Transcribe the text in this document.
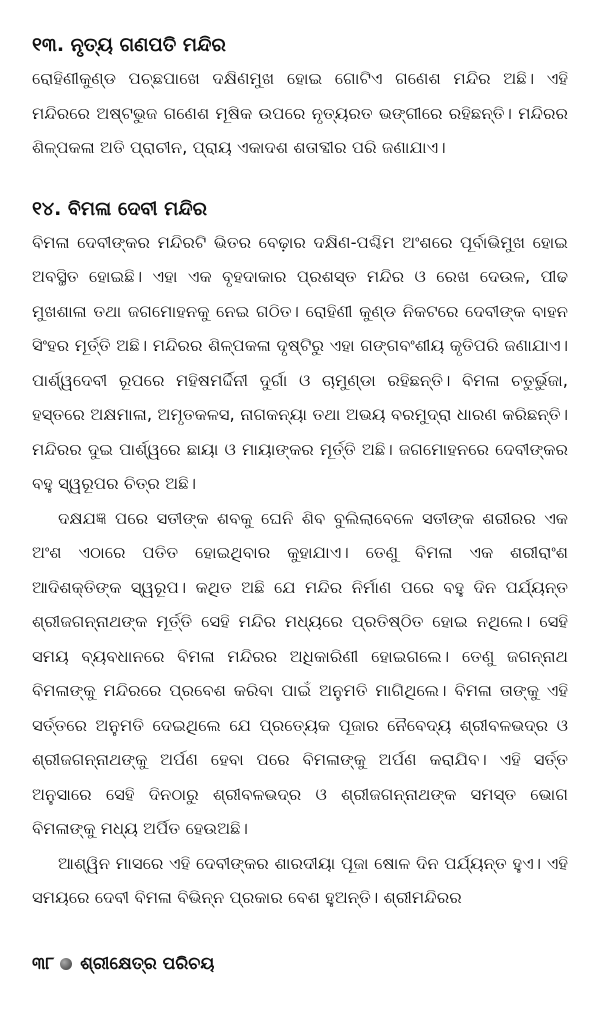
୧୩. ନୃତ୍ୟ ଗଣପତି ମନ୍ଦିର

ରୋହିଣୀକୁଣ୍ଡ ପଚ୍ଛପାଖେ ଦକ୍ଷିଣମୁଖ ହୋଇ ଗୋଟିଏ ଗଣେଶ ମନ୍ଦିର ଅଛି। ଏହି ମନ୍ଦିରରେ ଅଷ୍ଟଭୁଜ ଗଣେଶ ମୂଷିକ ଉପରେ ନୃତ୍ୟରତ ଭଙ୍ଗୀରେ ରହିଛନ୍ତି। ମନ୍ଦିରର ଶିଳ୍ପକଳା ଅତି ପ୍ରାଚୀନ, ପ୍ରାୟ ଏକାଦଶ ଶତାବ୍ଦୀର ପରି ଜଣାଯାଏ।

୧୪. ବିମଳା ଦେବୀ ମନ୍ଦିର

ବିମଳା ଦେବୀଙ୍କର ମନ୍ଦିରଟି ଭିତର ବେଢ଼ାର ଦକ୍ଷିଣ-ପଶ୍ଚିମ ଅଂଶରେ ପୂର୍ବାଭିମୁଖ ହୋଇ ଅବସ୍ଥିତ ହୋଇଛି। ଏହା ଏକ ବୃହଦାକାର ପ୍ରଶସ୍ତ ମନ୍ଦିର ଓ ରେଖ ଦେଉଳ, ପୀଢ ମୁଖଶାଳା ତଥା ଜଗମୋହନକୁ ନେଇ ଗଠିତ। ରୋହିଣୀ କୁଣ୍ଡ ନିକଟରେ ଦେବୀଙ୍କ ବାହନ ସିଂହର ମୂର୍ତ୍ତି ଅଛି। ମନ୍ଦିରର ଶିଳ୍ପକଳା ଦୃଷ୍ଟିରୁ ଏହା ଗଙ୍ଗବଂଶୀୟ କୃତିପରି ଜଣାଯାଏ। ପାର୍ଶ୍ୱଦେବୀ ରୂପରେ ମହିଷମର୍ଦ୍ଦିନୀ ଦୁର୍ଗା ଓ ଚାମୁଣ୍ଡା ରହିଛନ୍ତି। ବିମଳା ଚତୁର୍ଭୁଜା, ହସ୍ତରେ ଅକ୍ଷମାଳା, ଅମୃତକଳସ, ନାଗକନ୍ୟା ତଥା ଅଭୟ ବରମୁଦ୍ରା ଧାରଣ କରିଛନ୍ତି। ମନ୍ଦିରର ଦୁଇ ପାର୍ଶ୍ୱରେ ଛାୟା ଓ ମାୟାଙ୍କର ମୂର୍ତ୍ତି ଅଛି। ଜଗମୋହନରେ ଦେବୀଙ୍କର ବହୁ ସ୍ୱରୂପର ଚିତ୍ର ଅଛି।

ଦକ୍ଷଯଜ୍ଞ ପରେ ସତୀଙ୍କ ଶବକୁ ଘେନି ଶିବ ବୁଲିଲାବେଳେ ସତୀଙ୍କ ଶରୀରର ଏକ ଅଂଶ ଏଠାରେ ପତିତ ହୋଇଥିବାର କୁହାଯାଏ। ତେଣୁ ବିମଳା ଏକ ଶରୀରାଂଶ ଆଦିଶକ୍ତିଙ୍କ ସ୍ୱରୂପ। କଥିତ ଅଛି ଯେ ମନ୍ଦିର ନିର୍ମାଣ ପରେ ବହୁ ଦିନ ପର୍ଯ୍ୟନ୍ତ ଶ୍ରୀଜଗନ୍ନାଥଙ୍କ ମୂର୍ତ୍ତି ସେହି ମନ୍ଦିର ମଧ୍ୟରେ ପ୍ରତିଷ୍ଠିତ ହୋଇ ନଥିଲେ। ସେହି ସମୟ ବ୍ୟବଧାନରେ ବିମଳା ମନ୍ଦିରର ଅଧିକାରିଣୀ ହୋଇଗଲେ। ତେଣୁ ଜଗନ୍ନାଥ ବିମଳାଙ୍କୁ ମନ୍ଦିରରେ ପ୍ରବେଶ କରିବା ପାଇଁ ଅନୁମତି ମାଗିଥିଲେ। ବିମଳା ତାଙ୍କୁ ଏହି ସର୍ତ୍ତରେ ଅନୁମତି ଦେଇଥିଲେ ଯେ ପ୍ରତ୍ୟେକ ପୂଜାର ନୈବେଦ୍ୟ ଶ୍ରୀବଳଭଦ୍ର ଓ ଶ୍ରୀଜଗନ୍ନାଥଙ୍କୁ ଅର୍ପଣ ହେବା ପରେ ବିମଳାଙ୍କୁ ଅର୍ପଣ କରାଯିବ। ଏହି ସର୍ତ୍ତ ଅନୁସାରେ ସେହି ଦିନଠାରୁ ଶ୍ରୀବଳଭଦ୍ର ଓ ଶ୍ରୀଜଗନ୍ନାଥଙ୍କ ସମସ୍ତ ଭୋଗ ବିମଳାଙ୍କୁ ମଧ୍ୟ ଅର୍ପିତ ହେଉଅଛି।

ଆଶ୍ୱିନ ମାସରେ ଏହି ଦେବୀଙ୍କର ଶାରଦୀୟା ପୂଜା ଷୋଳ ଦିନ ପର୍ଯ୍ୟନ୍ତ ହୁଏ। ଏହି ସମୟରେ ଦେବୀ ବିମଳା ବିଭିନ୍ନ ପ୍ରକାର ବେଶ ହୁଅନ୍ତି। ଶ୍ରୀମନ୍ଦିରର

୩୮ ଶ୍ରୀକ୍ଷେତ୍ର ପରିଚୟ
